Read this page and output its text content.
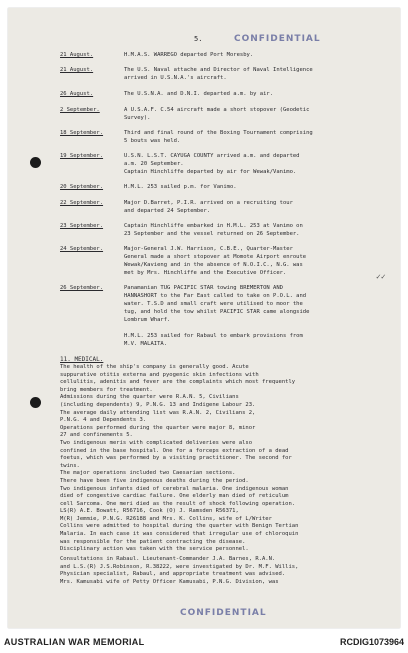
5.	CONFIDENTIAL
21 August.	H.M.A.S. WARREGO departed Port Moresby.
21 August.	The U.S. Naval attache and Director of Naval Intelligence
arrived in U.S.N.A.'s aircraft.
26 August.	The U.S.N.A. and D.N.I. departed a.m. by air.
2 September.	A U.S.A.F. C.54 aircraft made a short stopover (Geodetic
Survey).
18 September.	Third and final round of the Boxing Tournament comprising
5 bouts was held.
19 September.	U.S.N. L.S.T. CAYUGA COUNTY arrived a.m. and departed
a.m. 20 September.
Captain Hinchliffe departed by air for Wewak/Vanimo.
20 September.	H.M.L. 253 sailed p.m. for Vanimo.
22 September.	Major D.Barret, P.I.R. arrived on a recruiting tour
and departed 24 September.
23 September.	Captain Hinchliffe embarked in H.M.L. 253 at Vanimo on
23 September and the vessel returned on 26 September.
24 September.	Major-General J.W. Harrison, C.B.E., Quarter-Master
General made a short stopover at Momote Airport enroute
Wewak/Kavieng and in the absence of N.O.I.C., N.G. was
met by Mrs. Hinchliffe and the Executive Officer.
26 September.	Panamanian TUG PACIFIC STAR towing BREMERTON AND
HANNASHORT to the Far East called to take on P.O.L. and
water. T.S.D and small craft were utilised to moor the
tug, and hold the tow whilst PACIFIC STAR came alongside
Lombrum Wharf.
H.M.L. 253 sailed for Rabaul to embark provisions from
M.V. MALAITA.
✓✓
11. MEDICAL.
The health of the ship's company is generally good. Acute
suppurative otitis externa and pyogenic skin infections with
cellulitis, adenitis and fever are the complaints which most frequently
bring members for treatment.
Admissions during the quarter were R.A.N. 5, Civilians
(including dependents) 9, P.N.G. 13 and Indigene Labour 23.
The average daily attending list was R.A.N. 2, Civilians 2,
P.N.G. 4 and Dependents 3.
Operations performed during the quarter were major 8, minor
27 and confinements 5.
Two indigenous meris with complicated deliveries were also
confined in the base hospital. One for a forceps extraction of a dead
foetus, which was performed by a visiting practitioner. The second for
twins.
The major operations included two Caesarian sections.
There have been five indigenous deaths during the period.
Two indigenous infants died of cerebral malaria. One indigenous woman
died of congestive cardiac failure. One elderly man died of reticulum
cell Sarcoma. One meri died as the result of shock following operation.
LS(R) A.E. Bowatt, R56716, Cook (O) J. Ramsden R56371,
M(R) Jemmie, P.N.G. R26188 and Mrs. K. Collins, wife of L/Writer
Collins were admitted to hospital during the quarter with Benign Tertian
Malaria. In each case it was considered that irregular use of chloroquin
was responsible for the patient contracting the disease.
Disciplinary action was taken with the service personnel.
Consultations in Rabaul. Lieutenant-Commander J.A. Barnes, R.A.N.
and L.S.(R) J.S.Robinson, R.38222, were investigated by Dr. M.F. Willis,
Physician specialist, Rabaul, and appropriate treatment was advised.
Mrs. Kamusabi wife of Petty Officer Kamusabi, P.N.G. Division, was
CONFIDENTIAL
AUSTRALIAN WAR MEMORIAL	RCDIG1073964
